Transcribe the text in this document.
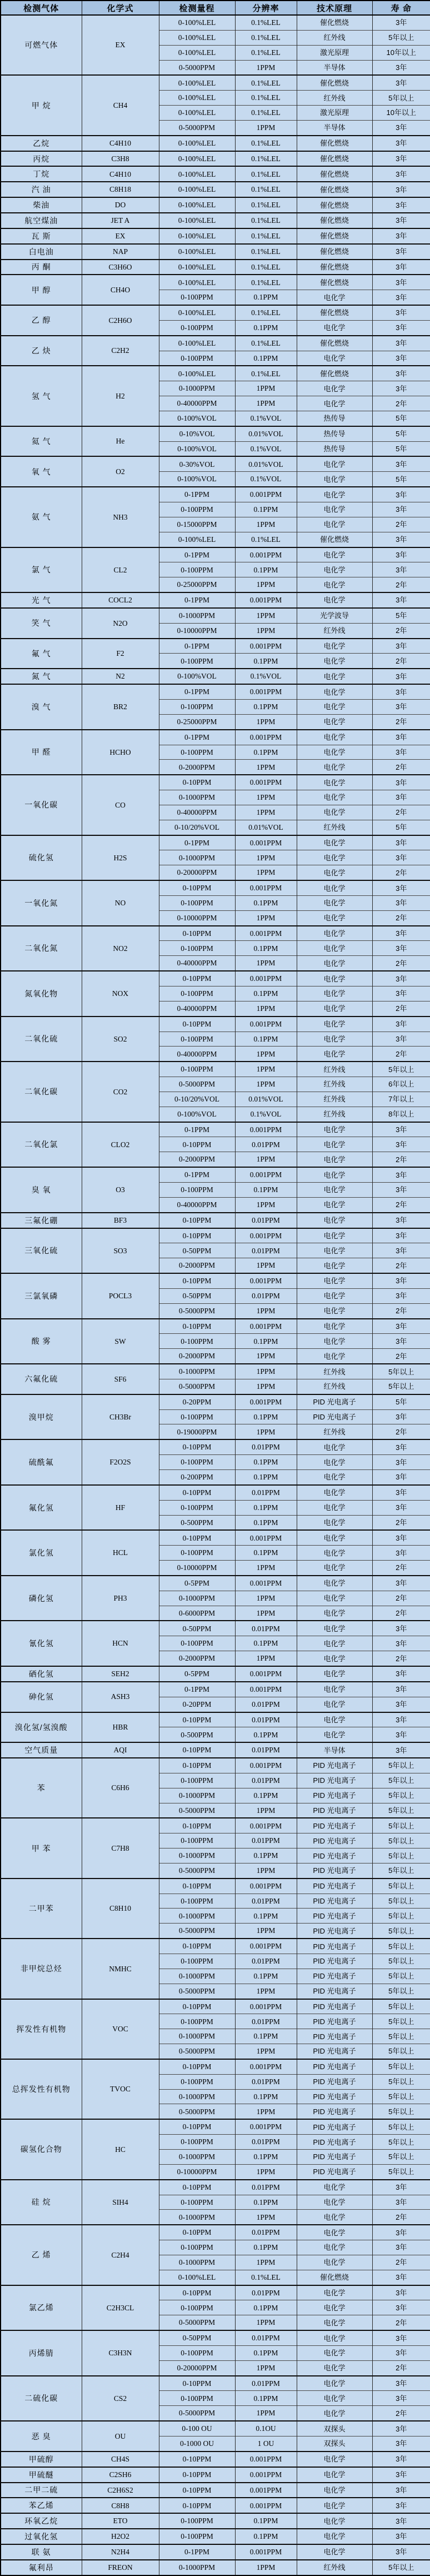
检测气体	化学式	检测量程	分辨率	技术原理	寿 命
可燃气体	EX	0-100%LEL	0.1%LEL	催化燃烧	3年
		0-100%LEL	0.1%LEL	红外线	5年以上
		0-100%LEL	0.1%LEL	激光原理	10年以上
		0-5000PPM	1PPM	半导体	3年
甲 烷	CH4	0-100%LEL	0.1%LEL	催化燃烧	3年
		0-100%LEL	0.1%LEL	红外线	5年以上
		0-100%LEL	0.1%LEL	激光原理	10年以上
		0-5000PPM	1PPM	半导体	3年
乙烷	C4H10	0-100%LEL	0.1%LEL	催化燃烧	3年
丙烷	C3H8	0-100%LEL	0.1%LEL	催化燃烧	3年
丁烷	C4H10	0-100%LEL	0.1%LEL	催化燃烧	3年
汽 油	C8H18	0-100%LEL	0.1%LEL	催化燃烧	3年
柴油	DO	0-100%LEL	0.1%LEL	催化燃烧	3年
航空煤油	JET A	0-100%LEL	0.1%LEL	催化燃烧	3年
瓦 斯	EX	0-100%LEL	0.1%LEL	催化燃烧	3年
白电油	NAP	0-100%LEL	0.1%LEL	催化燃烧	3年
丙 酮	C3H6O	0-100%LEL	0.1%LEL	催化燃烧	3年
甲 醇	CH4O	0-100%LEL	0.1%LEL	催化燃烧	3年
		0-100PPM	0.1PPM	电化学	3年
乙 醇	C2H6O	0-100%LEL	0.1%LEL	催化燃烧	3年
		0-100PPM	0.1PPM	电化学	3年
乙 炔	C2H2	0-100%LEL	0.1%LEL	催化燃烧	3年
		0-100PPM	0.1PPM	电化学	3年
氢 气	H2	0-100%LEL	0.1%LEL	催化燃烧	3年
		0-1000PPM	1PPM	电化学	3年
		0-40000PPM	1PPM	电化学	2年
		0-100%VOL	0.1%VOL	热传导	5年
氦 气	He	0-10%VOL	0.01%VOL	热传导	5年
		0-100%VOL	0.1%VOL	热传导	5年
氧 气	O2	0-30%VOL	0.01%VOL	电化学	3年
		0-100%VOL	0.1%VOL	电化学	5年
氨 气	NH3	0-1PPM	0.001PPM	电化学	3年
		0-100PPM	0.1PPM	电化学	3年
		0-15000PPM	1PPM	电化学	2年
		0-100%LEL	0.1%LEL	催化燃烧	3年
氯 气	CL2	0-1PPM	0.001PPM	电化学	3年
		0-100PPM	0.1PPM	电化学	3年
		0-25000PPM	1PPM	电化学	2年
光 气	COCL2	0-1PPM	0.001PPM	电化学	3年
笑 气	N2O	0-1000PPM	1PPM	光学波导	5年
		0-10000PPM	1PPM	红外线	2年
氟 气	F2	0-1PPM	0.001PPM	电化学	3年
		0-100PPM	0.1PPM	电化学	2年
氮 气	N2	0-100%VOL	0.1%VOL	电化学	3年
溴 气	BR2	0-1PPM	0.001PPM	电化学	3年
		0-100PPM	0.1PPM	电化学	3年
		0-25000PPM	1PPM	电化学	2年
甲 醛	HCHO	0-1PPM	0.001PPM	电化学	3年
		0-100PPM	0.1PPM	电化学	3年
		0-2000PPM	1PPM	电化学	2年
一氧化碳	CO	0-10PPM	0.001PPM	电化学	3年
		0-1000PPM	1PPM	电化学	3年
		0-40000PPM	1PPM	电化学	2年
		0-10/20%VOL	0.01%VOL	红外线	5年
硫化氢	H2S	0-1PPM	0.001PPM	电化学	3年
		0-1000PPM	1PPM	电化学	3年
		0-20000PPM	1PPM	电化学	2年
一氧化氮	NO	0-10PPM	0.001PPM	电化学	3年
		0-100PPM	0.1PPM	电化学	3年
		0-10000PPM	1PPM	电化学	2年
二氧化氮	NO2	0-10PPM	0.001PPM	电化学	3年
		0-100PPM	0.1PPM	电化学	3年
		0-40000PPM	1PPM	电化学	2年
氮氧化物	NOX	0-10PPM	0.001PPM	电化学	3年
		0-100PPM	0.1PPM	电化学	3年
		0-40000PPM	1PPM	电化学	2年
二氧化硫	SO2	0-10PPM	0.001PPM	电化学	3年
		0-100PPM	0.1PPM	电化学	3年
		0-40000PPM	1PPM	电化学	2年
二氧化碳	CO2	0-100PPM	1PPM	红外线	5年以上
		0-5000PPM	1PPM	红外线	6年以上
		0-10/20%VOL	0.01%VOL	红外线	7年以上
		0-100%VOL	0.1%VOL	红外线	8年以上
二氧化氯	CLO2	0-1PPM	0.001PPM	电化学	3年
		0-10PPM	0.01PPM	电化学	3年
		0-2000PPM	1PPM	电化学	2年
臭 氧	O3	0-1PPM	0.001PPM	电化学	3年
		0-100PPM	0.1PPM	电化学	3年
		0-40000PPM	1PPM	电化学	2年
三氟化硼	BF3	0-10PPM	0.01PPM	电化学	3年
三氧化硫	SO3	0-10PPM	0.001PPM	电化学	3年
		0-50PPM	0.01PPM	电化学	3年
		0-2000PPM	1PPM	电化学	2年
三氯氧磷	POCL3	0-10PPM	0.001PPM	电化学	3年
		0-50PPM	0.01PPM	电化学	3年
		0-5000PPM	1PPM	电化学	2年
酸 雾	SW	0-10PPM	0.001PPM	电化学	3年
		0-100PPM	0.1PPM	电化学	3年
		0-2000PPM	1PPM	电化学	2年
六氟化硫	SF6	0-1000PPM	1PPM	红外线	5年以上
		0-5000PPM	1PPM	红外线	5年以上
溴甲烷	CH3Br	0-20PPM	0.001PPM	PID 光电离子	5年
		0-100PPM	0.1PPM	PID 光电离子	3年
		0-19000PPM	1PPM	红外线	2年
硫酰氟	F2O2S	0-10PPM	0.01PPM	电化学	3年
		0-100PPM	0.1PPM	电化学	3年
		0-200PPM	0.1PPM	电化学	3年
氟化氢	HF	0-10PPM	0.01PPM	电化学	3年
		0-100PPM	0.1PPM	电化学	3年
		0-500PPM	0.1PPM	电化学	2年
氯化氢	HCL	0-10PPM	0.001PPM	电化学	3年
		0-100PPM	0.1PPM	电化学	3年
		0-10000PPM	1PPM	电化学	2年
磷化氢	PH3	0-5PPM	0.001PPM	电化学	3年
		0-1000PPM	1PPM	电化学	2年
		0-6000PPM	1PPM	电化学	2年
氰化氢	HCN	0-50PPM	0.01PPM	电化学	3年
		0-100PPM	0.1PPM	电化学	3年
		0-2000PPM	1PPM	电化学	2年
硒化氢	SEH2	0-5PPM	0.001PPM	电化学	3年
砷化氢	ASH3	0-1PPM	0.001PPM	电化学	3年
		0-20PPM	0.01PPM	电化学	3年
溴化氢/氢溴酸	HBR	0-10PPM	0.01PPM	电化学	3年
		0-500PPM	0.1PPM	电化学	3年
空气质量	AQI	0-10PPM	0.01PPM	半导体	3年
苯	C6H6	0-10PPM	0.001PPM	PID 光电离子	5年以上
		0-100PPM	0.01PPM	PID 光电离子	5年以上
		0-1000PPM	0.1PPM	PID 光电离子	5年以上
		0-5000PPM	1PPM	PID 光电离子	5年以上
甲 苯	C7H8	0-10PPM	0.001PPM	PID 光电离子	5年以上
		0-100PPM	0.01PPM	PID 光电离子	5年以上
		0-1000PPM	0.1PPM	PID 光电离子	5年以上
		0-5000PPM	1PPM	PID 光电离子	5年以上
二甲苯	C8H10	0-10PPM	0.001PPM	PID 光电离子	5年以上
		0-100PPM	0.01PPM	PID 光电离子	5年以上
		0-1000PPM	0.1PPM	PID 光电离子	5年以上
		0-5000PPM	1PPM	PID 光电离子	5年以上
非甲烷总烃	NMHC	0-10PPM	0.001PPM	PID 光电离子	5年以上
		0-100PPM	0.01PPM	PID 光电离子	5年以上
		0-1000PPM	0.1PPM	PID 光电离子	5年以上
		0-5000PPM	1PPM	PID 光电离子	5年以上
挥发性有机物	VOC	0-10PPM	0.001PPM	PID 光电离子	5年以上
		0-100PPM	0.01PPM	PID 光电离子	5年以上
		0-1000PPM	0.1PPM	PID 光电离子	5年以上
		0-5000PPM	1PPM	PID 光电离子	5年以上
总挥发性有机物	TVOC	0-10PPM	0.001PPM	PID 光电离子	5年以上
		0-100PPM	0.01PPM	PID 光电离子	5年以上
		0-1000PPM	0.1PPM	PID 光电离子	5年以上
		0-5000PPM	1PPM	PID 光电离子	5年以上
碳氢化合物	HC	0-10PPM	0.001PPM	PID 光电离子	5年以上
		0-100PPM	0.01PPM	PID 光电离子	5年以上
		0-1000PPM	0.1PPM	PID 光电离子	5年以上
		0-10000PPM	1PPM	PID 光电离子	5年以上
硅 烷	SIH4	0-10PPM	0.01PPM	电化学	3年
		0-100PPM	0.1PPM	电化学	3年
		0-1000PPM	1PPM	电化学	2年
乙 烯	C2H4	0-10PPM	0.01PPM	电化学	3年
		0-100PPM	0.1PPM	电化学	3年
		0-1000PPM	1PPM	电化学	2年
		0-100%LEL	0.1%LEL	催化燃烧	3年
氯乙烯	C2H3CL	0-10PPM	0.01PPM	电化学	3年
		0-100PPM	0.1PPM	电化学	3年
		0-5000PPM	1PPM	电化学	2年
丙烯腈	C3H3N	0-50PPM	0.01PPM	电化学	3年
		0-100PPM	0.1PPM	电化学	3年
		0-20000PPM	1PPM	电化学	2年
二硫化碳	CS2	0-10PPM	0.01PPM	电化学	3年
		0-100PPM	0.1PPM	电化学	3年
		0-5000PPM	1PPM	电化学	2年
恶 臭	OU	0-100 OU	0.1OU	双探头	3年
		0-1000 OU	1 OU	双探头	3年
甲硫醇	CH4S	0-10PPM	0.001PPM	电化学	3年
甲硫醚	C2SH6	0-10PPM	0.001PPM	电化学	3年
二甲二硫	C2H6S2	0-10PPM	0.001PPM	电化学	3年
苯乙烯	C8H8	0-10PPM	0.001PPM	电化学	3年
环氧乙烷	ETO	0-100PPM	0.1PPM	电化学	3年
过氧化氢	H2O2	0-100PPM	0.1PPM	电化学	3年
联 氨	N2H4	0-1PPM	0.001PPM	电化学	3年
氟利昂	FREON	0-1000PPM	1PPM	红外线	5年以上
